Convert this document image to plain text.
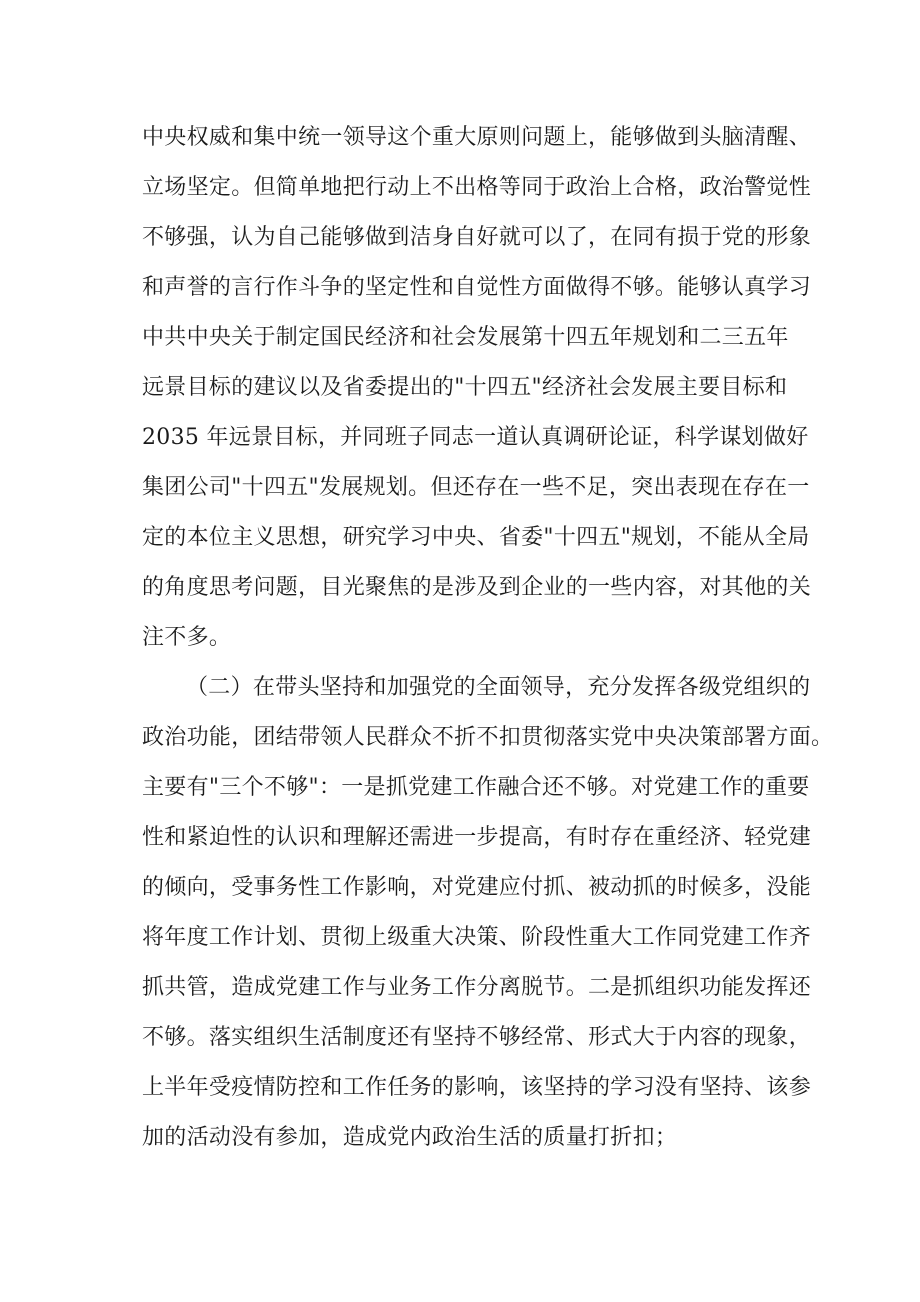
中央权威和集中统一领导这个重大原则问题上，能够做到头脑清醒、
立场坚定。但简单地把行动上不出格等同于政治上合格，政治警觉性
不够强，认为自己能够做到洁身自好就可以了，在同有损于党的形象
和声誉的言行作斗争的坚定性和自觉性方面做得不够。能够认真学习
中共中央关于制定国民经济和社会发展第十四五年规划和二三五年
远景目标的建议以及省委提出的"十四五"经济社会发展主要目标和
2035 年远景目标，并同班子同志一道认真调研论证，科学谋划做好
集团公司"十四五"发展规划。但还存在一些不足，突出表现在存在一
定的本位主义思想，研究学习中央、省委"十四五"规划，不能从全局
的角度思考问题，目光聚焦的是涉及到企业的一些内容，对其他的关
注不多。
（二）在带头坚持和加强党的全面领导，充分发挥各级党组织的
政治功能，团结带领人民群众不折不扣贯彻落实党中央决策部署方面。
主要有"三个不够"：一是抓党建工作融合还不够。对党建工作的重要
性和紧迫性的认识和理解还需进一步提高，有时存在重经济、轻党建
的倾向，受事务性工作影响，对党建应付抓、被动抓的时候多，没能
将年度工作计划、贯彻上级重大决策、阶段性重大工作同党建工作齐
抓共管，造成党建工作与业务工作分离脱节。二是抓组织功能发挥还
不够。落实组织生活制度还有坚持不够经常、形式大于内容的现象，
上半年受疫情防控和工作任务的影响，该坚持的学习没有坚持、该参
加的活动没有参加，造成党内政治生活的质量打折扣；
